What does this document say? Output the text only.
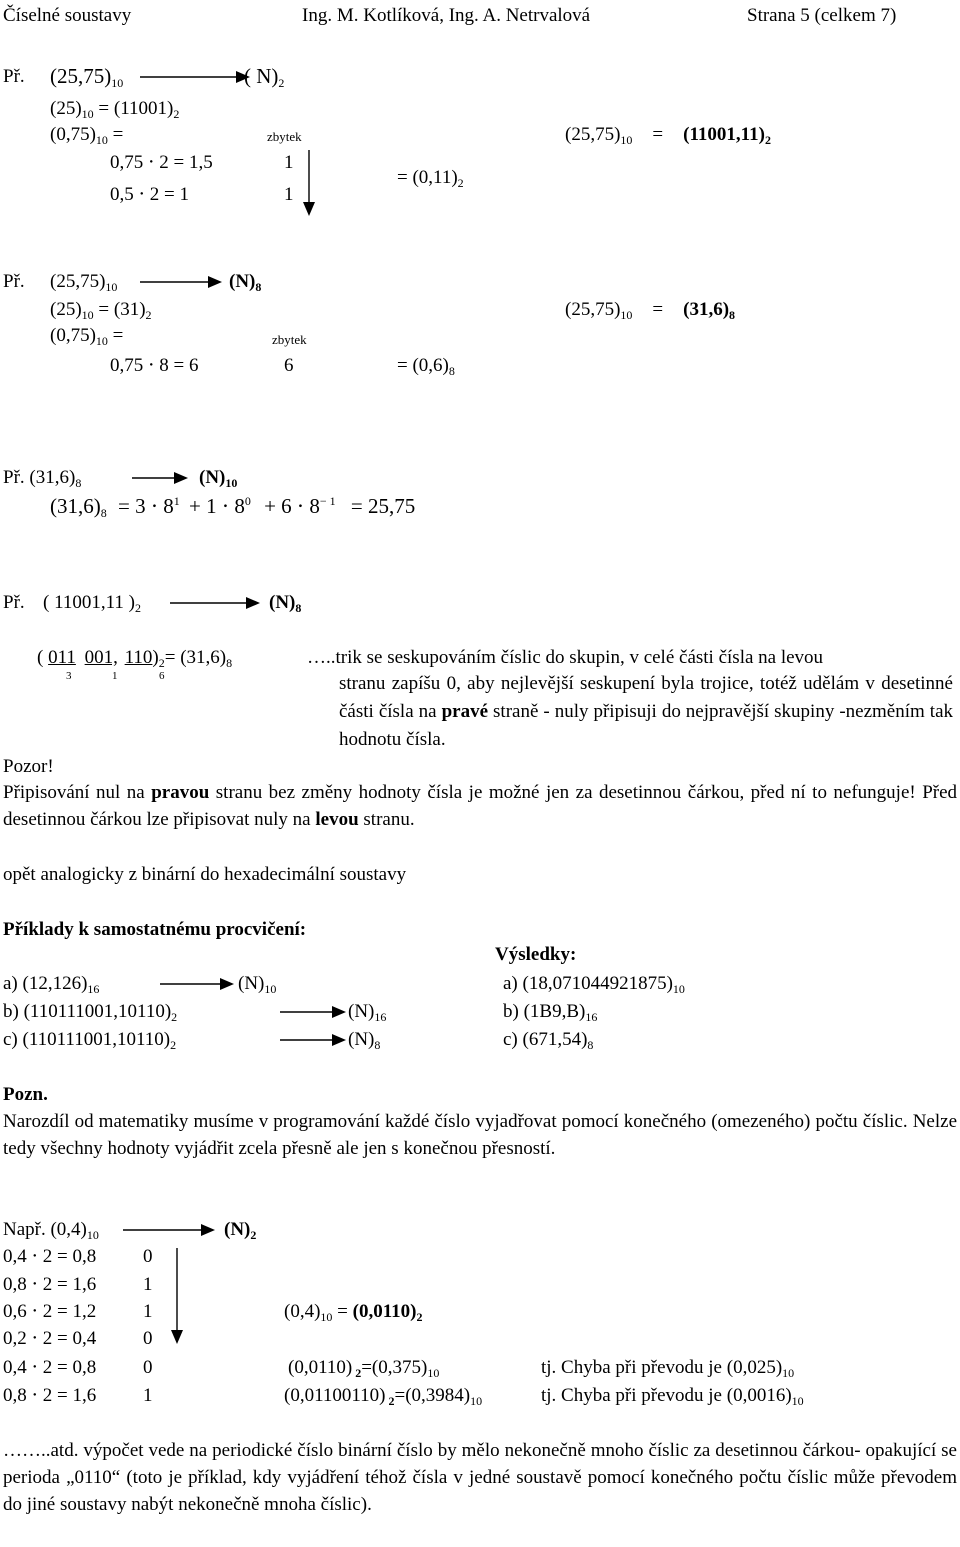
Číselné soustavy	Ing. M. Kotlíková, Ing. A. Netrvalová	Strana 5 (celkem 7)
Př. $(25,75)_{10}$	( $N)_2$
$(25)_{10} = (11001)_2$
$(0,75)_{10}$ =	zbytek	$(25,75)_{10} = (11001,11)_2$
0,75 ⋅ 2 = 1,5	1
= $(0,11)_2$
0,5 ⋅ 2 = 1	1
Př. $(25,75)_{10}$	$(N)_8$
$(25)_{10} = (31)_2$	$(25,75)_{10} = (31,6)_8$
$(0,75)_{10}$ =	zbytek
0,75 ⋅ 8 = 6	6	= $(0,6)_8$
Př. $(31,6)_8$	$(N)_{10}$
$(31,6)_8 = 3 \cdot 8^1 + 1 \cdot 8^0 + 6 \cdot 8^{- 1} = 25,75$
Př. ( 11001,11 )$_2$	$(N)_8$
( 011 001, $110)_2= (31,6)_8$
3	1	6
…..trik se seskupováním číslic do skupin, v celé části čísla na levou
stranu zapíšu 0, aby nejlevější seskupení byla trojice, totéž udělám v desetinné části čísla na pravé straně - nuly připisuji do nejpravější skupiny -nezměním tak hodnotu čísla.
Pozor!
Připisování nul na pravou stranu bez změny hodnoty čísla je možné jen za desetinnou čárkou, před ní to nefunguje! Před desetinnou čárkou lze připisovat nuly na levou stranu.
opět analogicky z binární do hexadecimální soustavy
Příklady k samostatnému procvičení:
Výsledky:
a) $(12,126)_{16}$	$(N)_{10}$	a) $(18,071044921875)_{10}$
b) $(110111001,10110)_2$	$(N)_{16}$	b) $(1B9,B)_{16}$
c) $(110111001,10110)_2$	$(N)_8$	c) $(671,54)_8$
Pozn.
Narozdíl od matematiky musíme v programování každé číslo vyjadřovat pomocí konečného (omezeného) počtu číslic. Nelze tedy všechny hodnoty vyjádřit zcela přesně ale jen s konečnou přesností.
Např. $(0,4)_{10}$	$(N)_2$
0,4 ⋅ 2 = 0,8 0
0,8 ⋅ 2 = 1,6 1
0,6 ⋅ 2 = 1,2 1
0,2 ⋅ 2 = 0,4 0
0,4 ⋅ 2 = 0,8 0
0,8 ⋅ 2 = 1,6 1
$(0,4)_{10} = (0,0110)_2$
(0,0110) $_2=(0,375)_{10}$	tj. Chyba při převodu je $(0,025)_{10}$
(0,01100110) $_2=(0,3984)_{10}$	tj. Chyba při převodu je $(0,0016)_{10}$
……..atd. výpočet vede na periodické číslo binární číslo by mělo nekonečně mnoho číslic za desetinnou čárkou- opakující se perioda „0110“ (toto je příklad, kdy vyjádření téhož čísla v jedné soustavě pomocí konečného počtu číslic může převodem do jiné soustavy nabýt nekonečně mnoha číslic).
